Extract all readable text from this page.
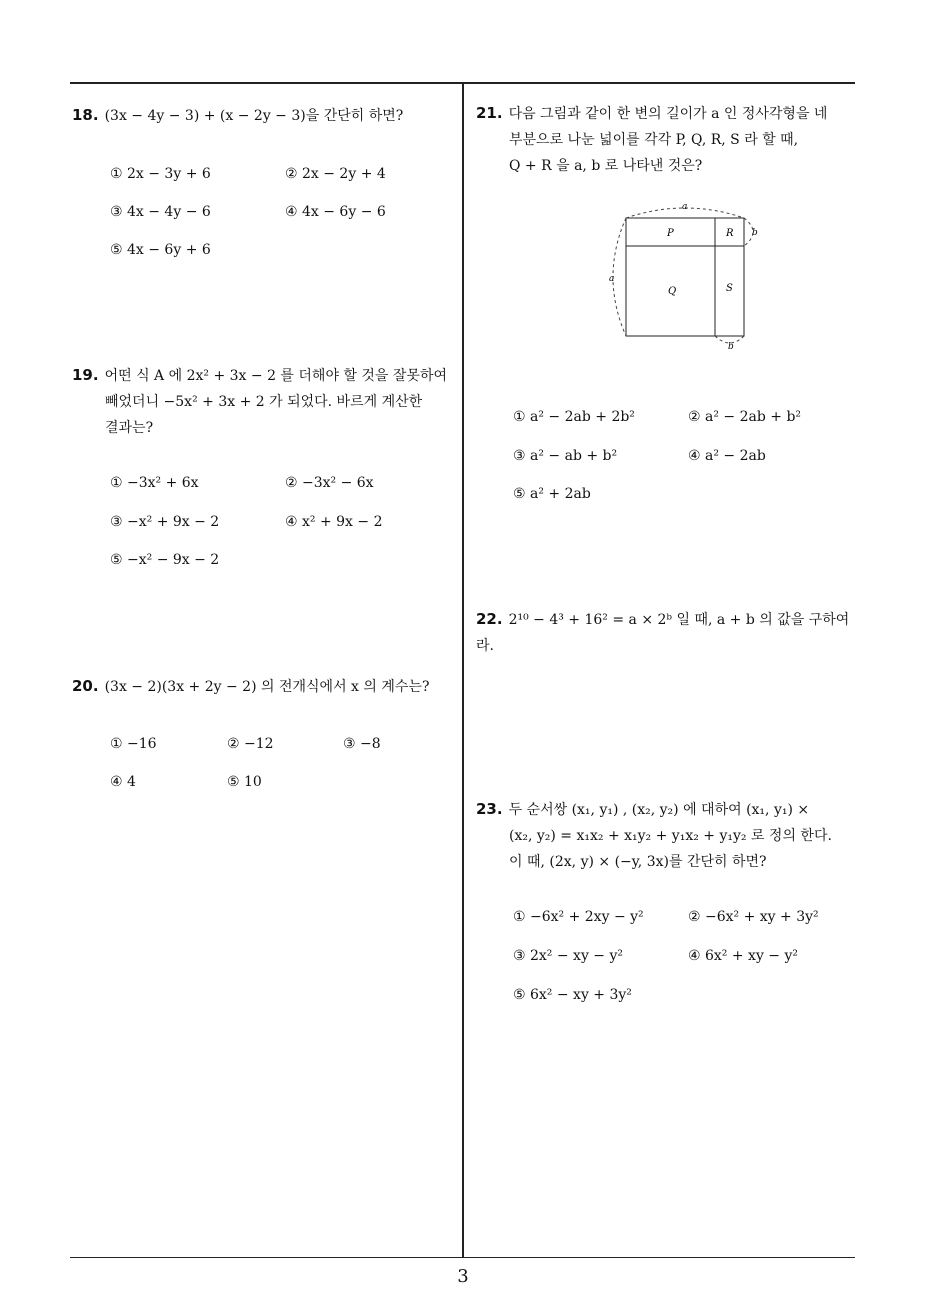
18. (3x − 4y − 3) + (x − 2y − 3)을 간단히 하면?
① 2x − 3y + 6	② 2x − 2y + 4
③ 4x − 4y − 6	④ 4x − 6y − 6
⑤ 4x − 6y + 6
19. 어떤 식 A 에 2x² + 3x − 2 를 더해야 할 것을 잘못하여
빼었더니 −5x² + 3x + 2 가 되었다. 바르게 계산한
결과는?
① −3x² + 6x	② −3x² − 6x
③ −x² + 9x − 2	④ x² + 9x − 2
⑤ −x² − 9x − 2
20. (3x − 2)(3x + 2y − 2) 의 전개식에서 x 의 계수는?
① −16	② −12	③ −8
④ 4	⑤ 10
21. 다음 그림과 같이 한 변의 길이가 a 인 정사각형을 네
부분으로 나눈 넓이를 각각 P, Q, R, S 라 할 때,
Q + R 을 a, b 로 나타낸 것은?
a
a
b
b
P	R
Q	S
① a² − 2ab + 2b²	② a² − 2ab + b²
③ a² − ab + b²	④ a² − 2ab
⑤ a² + 2ab
22. 2¹⁰ − 4³ + 16² = a × 2ᵇ 일 때, a + b 의 값을 구하여라.
23. 두 순서쌍 (x₁, y₁) , (x₂, y₂) 에 대하여 (x₁, y₁) ×
(x₂, y₂) = x₁x₂ + x₁y₂ + y₁x₂ + y₁y₂ 로 정의 한다.
이 때, (2x, y) × (−y, 3x)를 간단히 하면?
① −6x² + 2xy − y²	② −6x² + xy + 3y²
③ 2x² − xy − y²	④ 6x² + xy − y²
⑤ 6x² − xy + 3y²
3
